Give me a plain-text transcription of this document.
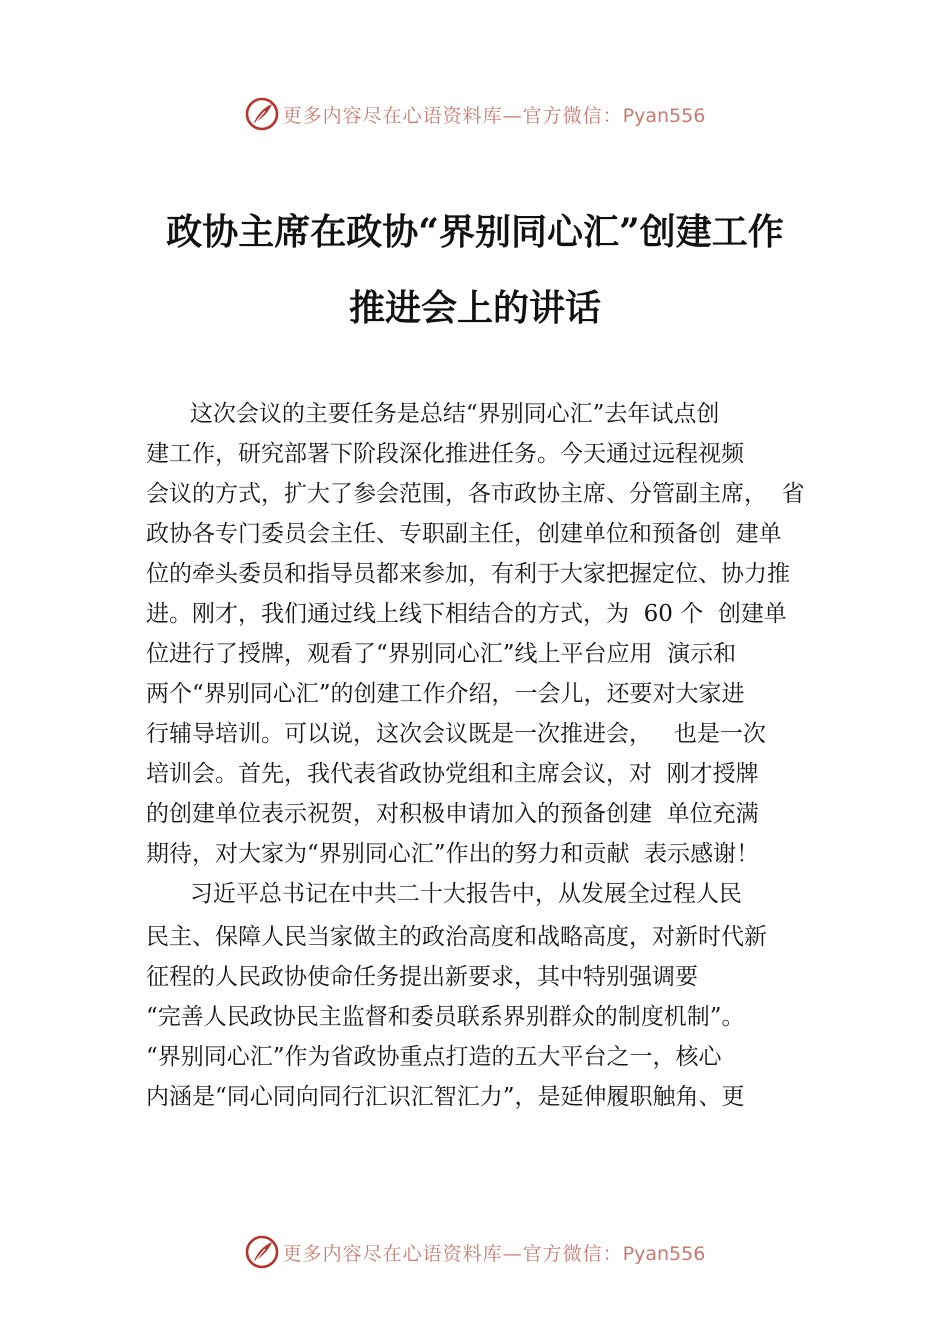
更多内容尽在心语资料库—官方微信：Pyan556
政协主席在政协“界别同心汇”创建工作
推进会上的讲话
这次会议的主要任务是总结“界别同心汇”去年试点创
建工作，研究部署下阶段深化推进任务。今天通过远程视频
会议的方式，扩大了参会范围，各市政协主席、分管副主席，  省
政协各专门委员会主任、专职副主任，创建单位和预备创  建单
位的牵头委员和指导员都来参加，有利于大家把握定位、协力推
进。刚才，我们通过线上线下相结合的方式，为  60 个  创建单
位进行了授牌，观看了“界别同心汇”线上平台应用  演示和
两个“界别同心汇”的创建工作介绍，一会儿，还要对大家进
行辅导培训。可以说，这次会议既是一次推进会，   也是一次
培训会。首先，我代表省政协党组和主席会议，对  刚才授牌
的创建单位表示祝贺，对积极申请加入的预备创建  单位充满
期待，对大家为“界别同心汇”作出的努力和贡献  表示感谢！
习近平总书记在中共二十大报告中，从发展全过程人民
民主、保障人民当家做主的政治高度和战略高度，对新时代新
征程的人民政协使命任务提出新要求，其中特别强调要
“完善人民政协民主监督和委员联系界别群众的制度机制”。
“界别同心汇”作为省政协重点打造的五大平台之一，核心
内涵是“同心同向同行汇识汇智汇力”，是延伸履职触角、更
更多内容尽在心语资料库—官方微信：Pyan556
